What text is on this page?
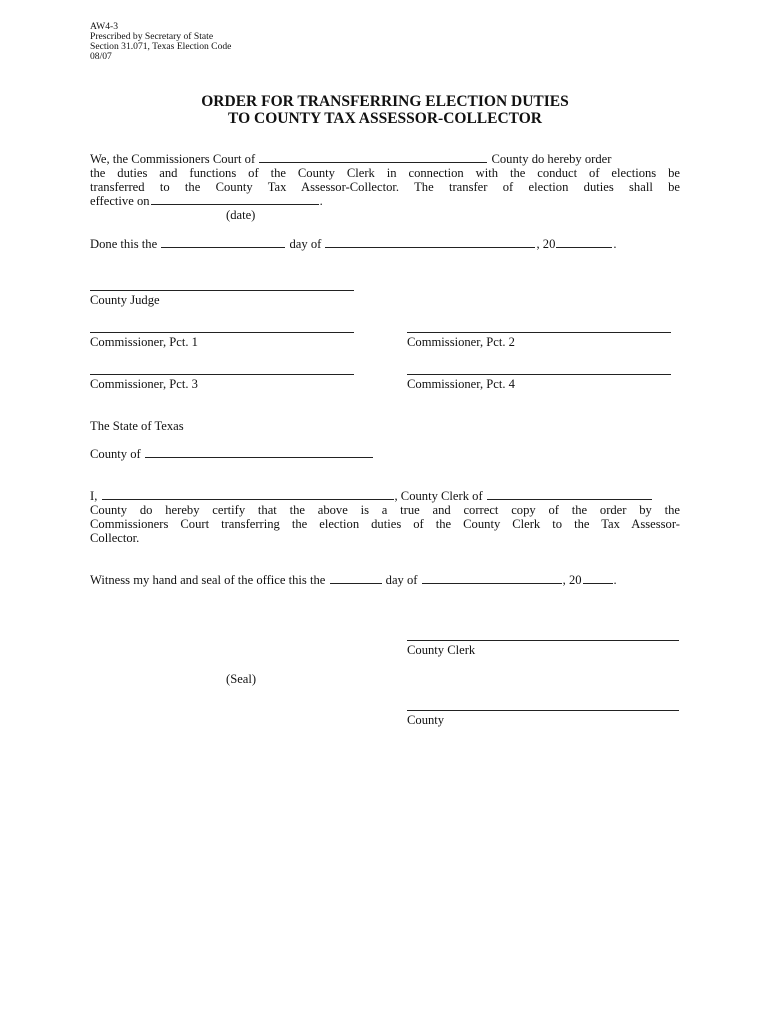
AW4-3
Prescribed by Secretary of State
Section 31.071, Texas Election Code
08/07
ORDER FOR TRANSFERRING ELECTION DUTIES
TO COUNTY TAX ASSESSOR-COLLECTOR
We, the Commissioners Court of	County do hereby order
the duties and functions of the County Clerk in connection with the conduct of elections be
transferred to the County Tax Assessor-Collector. The transfer of election duties shall be
effective on	.
(date)
Done this the	day of	, 20	.
County Judge
Commissioner, Pct. 1	Commissioner, Pct. 2
Commissioner, Pct. 3	Commissioner, Pct. 4
The State of Texas
County of
I,	, County Clerk of
County do hereby certify that the above is a true and correct copy of the order by the
Commissioners Court transferring the election duties of the County Clerk to the Tax Assessor-
Collector.
Witness my hand and seal of the office this the	day of	, 20	.
County Clerk
(Seal)
County
